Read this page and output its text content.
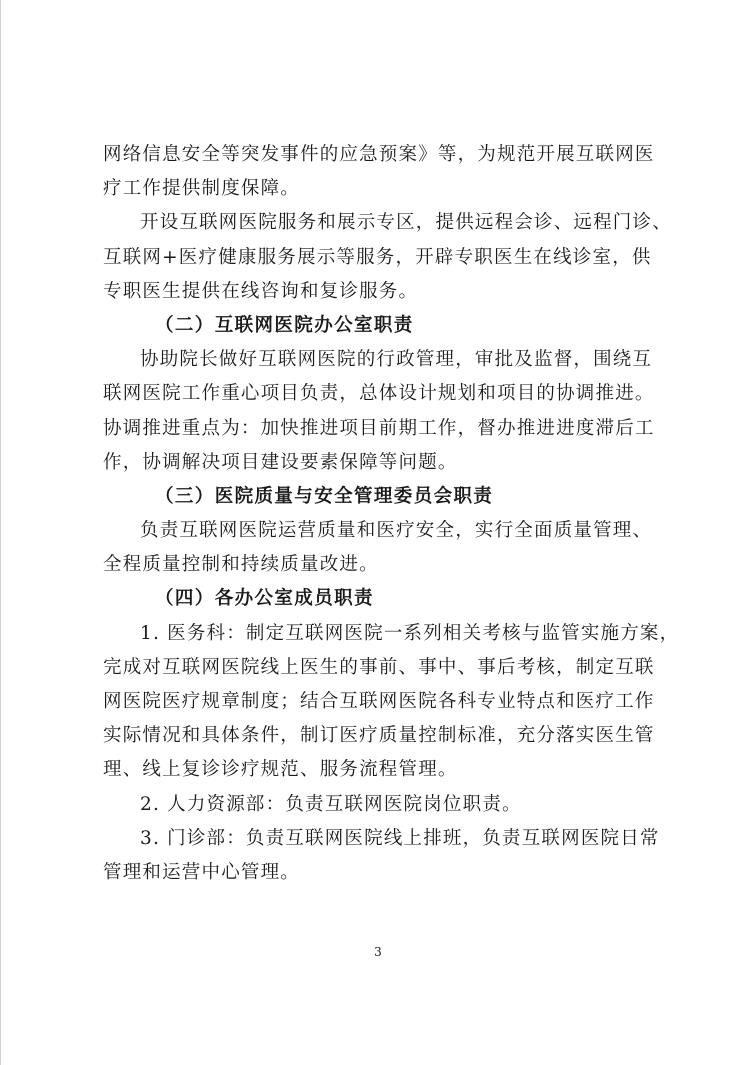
网络信息安全等突发事件的应急预案》等，为规范开展互联网医
疗工作提供制度保障。
开设互联网医院服务和展示专区，提供远程会诊、远程门诊、
互联网+医疗健康服务展示等服务，开辟专职医生在线诊室，供
专职医生提供在线咨询和复诊服务。
（二）互联网医院办公室职责
协助院长做好互联网医院的行政管理，审批及监督，围绕互
联网医院工作重心项目负责，总体设计规划和项目的协调推进。
协调推进重点为：加快推进项目前期工作，督办推进进度滞后工
作，协调解决项目建设要素保障等问题。
（三）医院质量与安全管理委员会职责
负责互联网医院运营质量和医疗安全，实行全面质量管理、
全程质量控制和持续质量改进。
（四）各办公室成员职责
1. 医务科：制定互联网医院一系列相关考核与监管实施方案，
完成对互联网医院线上医生的事前、事中、事后考核，制定互联
网医院医疗规章制度；结合互联网医院各科专业特点和医疗工作
实际情况和具体条件，制订医疗质量控制标准，充分落实医生管
理、线上复诊诊疗规范、服务流程管理。
2. 人力资源部：负责互联网医院岗位职责。
3. 门诊部：负责互联网医院线上排班，负责互联网医院日常
管理和运营中心管理。
3
